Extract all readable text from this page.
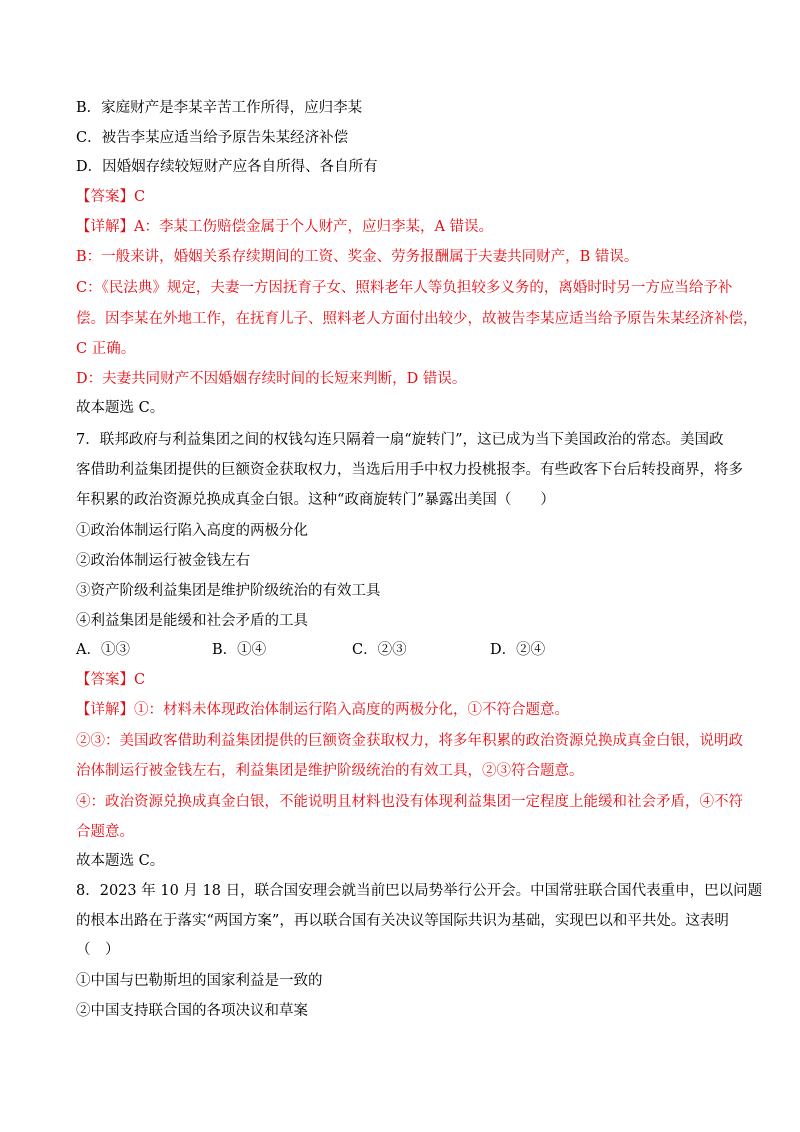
B．家庭财产是李某辛苦工作所得，应归李某

C．被告李某应适当给予原告朱某经济补偿

D．因婚姻存续较短财产应各自所得、各自所有

【答案】C

【详解】A：李某工伤赔偿金属于个人财产，应归李某，A 错误。

B：一般来讲，婚姻关系存续期间的工资、奖金、劳务报酬属于夫妻共同财产，B 错误。

C：《民法典》规定，夫妻一方因抚育子女、照料老年人等负担较多义务的，离婚时时另一方应当给予补

偿。因李某在外地工作，在抚育儿子、照料老人方面付出较少，故被告李某应适当给予原告朱某经济补偿，

C 正确。

D：夫妻共同财产不因婚姻存续时间的长短来判断，D 错误。

故本题选 C。

7．联邦政府与利益集团之间的权钱勾连只隔着一扇“旋转门”，这已成为当下美国政治的常态。美国政

客借助利益集团提供的巨额资金获取权力，当选后用手中权力投桃报李。有些政客下台后转投商界，将多

年积累的政治资源兑换成真金白银。这种“政商旋转门”暴露出美国（　　）

①政治体制运行陷入高度的两极分化

②政治体制运行被金钱左右

③资产阶级利益集团是维护阶级统治的有效工具

④利益集团是能缓和社会矛盾的工具

A．①③	B．①④	C．②③	D．②④

【答案】C

【详解】①：材料未体现政治体制运行陷入高度的两极分化，①不符合题意。

②③：美国政客借助利益集团提供的巨额资金获取权力，将多年积累的政治资源兑换成真金白银，说明政

治体制运行被金钱左右，利益集团是维护阶级统治的有效工具，②③符合题意。

④：政治资源兑换成真金白银，不能说明且材料也没有体现利益集团一定程度上能缓和社会矛盾，④不符

合题意。

故本题选 C。

8．2023 年 10 月 18 日，联合国安理会就当前巴以局势举行公开会。中国常驻联合国代表重申，巴以问题

的根本出路在于落实“两国方案”，再以联合国有关决议等国际共识为基础，实现巴以和平共处。这表明

（　）

①中国与巴勒斯坦的国家利益是一致的

②中国支持联合国的各项决议和草案
